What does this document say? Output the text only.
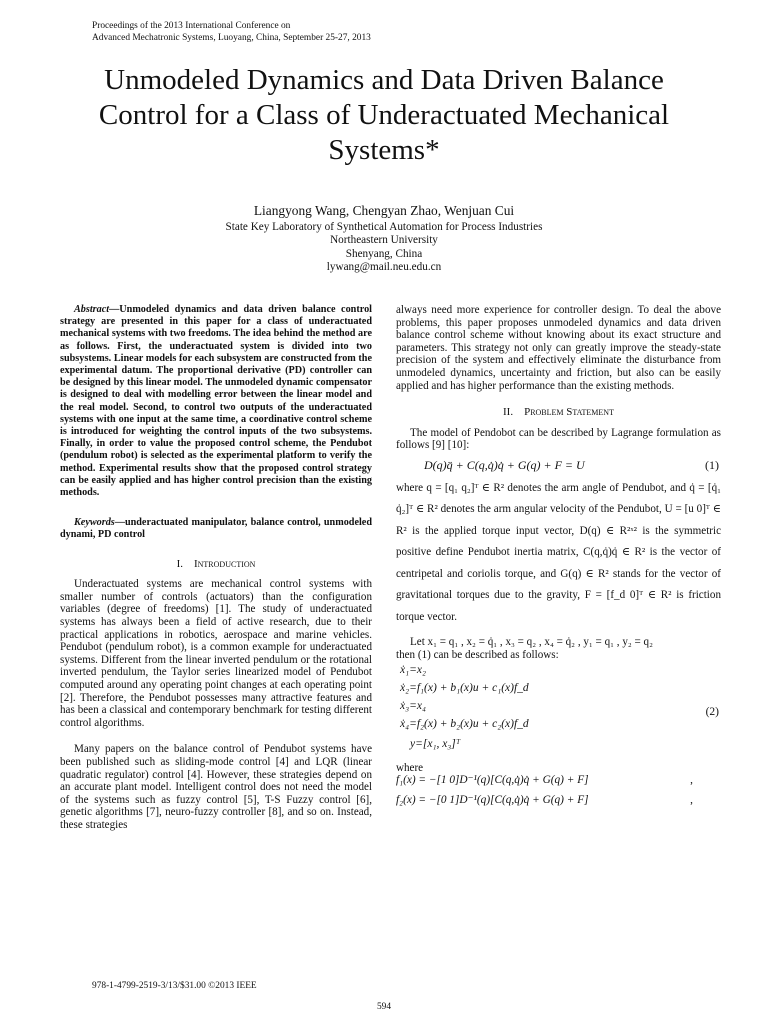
Proceedings of the 2013 International Conference on
Advanced Mechatronic Systems, Luoyang, China, September 25-27, 2013
Unmodeled Dynamics and Data Driven Balance
Control for a Class of Underactuated Mechanical
Systems*
Liangyong Wang, Chengyan Zhao, Wenjuan Cui
State Key Laboratory of Synthetical Automation for Process Industries
Northeastern University
Shenyang, China
lywang@mail.neu.edu.cn

Abstract—Unmodeled dynamics and data driven balance control strategy are presented in this paper for a class of underactuated mechanical systems with two freedoms. The idea behind the method are as follows. First, the underactuated system is divided into two subsystems. Linear models for each subsystem are constructed from the experimental datum. The proportional derivative (PD) controller can be designed by this linear model. The unmodeled dynamic compensator is designed to deal with modelling error between the linear model and the real model. Second, to control two outputs of the underactuated systems with one input at the same time, a coordinative control scheme is introduced for weighting the control inputs of the two subsystems. Finally, in order to value the proposed control scheme, the Pendubot (pendulum robot) is selected as the experimental platform to verify the method. Experimental results show that the proposed control strategy can be easily applied and has higher control precision than the existing methods.

Keywords—underactuated manipulator, balance control, unmodeled dynami, PD control

I. Introduction

Underactuated systems are mechanical control systems with smaller number of controls (actuators) than the configuration variables (degree of freedoms) [1]. The study of underactuated systems has always been a field of active research, due to their practical applications in robotics, aerospace and marine vehicles. Pendubot (pendulum robot), is a common example for underactuated systems. Different from the linear inverted pendulum or the rotational inverted pendulum, the Taylor series linearized model of Pendubot computed around any operating point changes at each operating point [2]. Therefore, the Pendubot possesses many attractive features and has been a classical and contemporary benchmark for testing different control algorithms.

Many papers on the balance control of Pendubot systems have been published such as sliding-mode control [4] and LQR (linear quadratic regulator) control [4]. However, these strategies depend on an accurate plant model. Intelligent control does not need the model of the systems such as fuzzy control [5], T-S Fuzzy control [6], genetic algorithms [7], neuro-fuzzy controller [8], and so on. Instead, these strategies

always need more experience for controller design. To deal the above problems, this paper proposes unmodeled dynamics and data driven balance control scheme without knowing about its exact structure and parameters. This strategy not only can greatly improve the steady-state precision of the system and effectively eliminate the disturbance from unmodeled dynamics, uncertainty and friction, but also can be easily applied and has higher performance than the existing methods.

II. Problem Statement

The model of Pendobot can be described by Lagrange formulation as follows [9] [10]:

D(q)q̈ + C(q,q̇)q̇ + G(q) + F = U	(1)

where q = [q₁ q₂]ᵀ ∈ R² denotes the arm angle of Pendubot, and q̇ = [q̇₁ q̇₂]ᵀ ∈ R² denotes the arm angular velocity of the Pendubot, U = [u 0]ᵀ ∈ R² is the applied torque input vector, D(q) ∈ R²ˣ² is the symmetric positive define Pendubot inertia matrix, C(q,q̇)q̇ ∈ R² is the vector of centripetal and coriolis torque, and G(q) ∈ R² stands for the vector of gravitational torques due to the gravity, F = [f_d 0]ᵀ ∈ R² is friction torque vector.

Let x₁ = q₁ , x₂ = q̇₁ , x₃ = q₂ , x₄ = q̇₂ , y₁ = q₁ , y₂ = q₂

then (1) can be described as follows:

ẋ₁=x₂
ẋ₂=f₁(x) + b₁(x)u + c₁(x)f_d
ẋ₃=x₄
ẋ₄=f₂(x) + b₂(x)u + c₂(x)f_d
y=[x₁, x₃]ᵀ
(2)

where

f₁(x) = −[1 0]D⁻¹(q)[C(q,q̇)q̇ + G(q) + F]	,
f₂(x) = −[0 1]D⁻¹(q)[C(q,q̇)q̇ + G(q) + F]	,
978-1-4799-2519-3/13/$31.00 ©2013 IEEE
594
